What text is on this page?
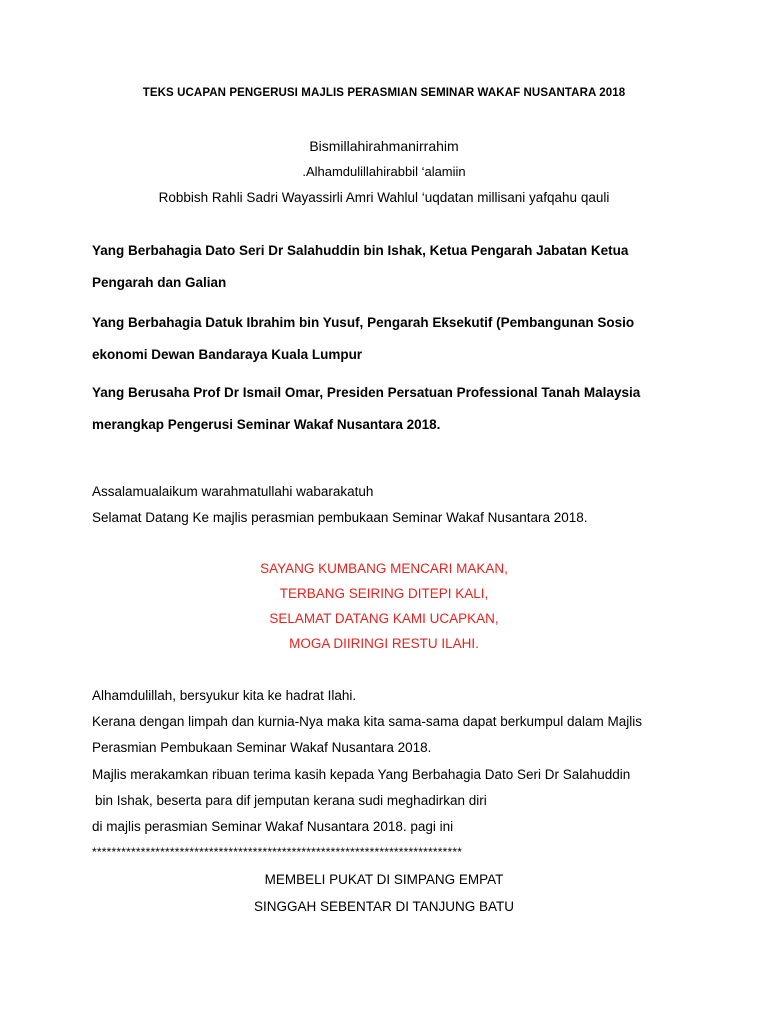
TEKS UCAPAN PENGERUSI MAJLIS PERASMIAN SEMINAR WAKAF NUSANTARA 2018
Bismillahirahmanirrahim
.Alhamdulillahirabbil ‘alamiin
Robbish Rahli Sadri Wayassirli Amri Wahlul ‘uqdatan millisani yafqahu qauli
Yang Berbahagia Dato Seri Dr Salahuddin bin Ishak, Ketua Pengarah Jabatan Ketua Pengarah dan Galian
Yang Berbahagia Datuk Ibrahim bin Yusuf, Pengarah Eksekutif (Pembangunan Sosio ekonomi Dewan Bandaraya Kuala Lumpur
Yang Berusaha Prof Dr Ismail Omar, Presiden Persatuan Professional Tanah Malaysia merangkap Pengerusi Seminar Wakaf Nusantara 2018.
Assalamualaikum warahmatullahi wabarakatuh
Selamat Datang Ke majlis perasmian pembukaan Seminar Wakaf Nusantara 2018.
SAYANG KUMBANG MENCARI MAKAN,
TERBANG SEIRING DITEPI KALI,
SELAMAT DATANG KAMI UCAPKAN,
MOGA DIIRINGI RESTU ILAHI.
Alhamdulillah, bersyukur kita ke hadrat Ilahi.
Kerana dengan limpah dan kurnia-Nya maka kita sama-sama dapat berkumpul dalam Majlis
Perasmian Pembukaan Seminar Wakaf Nusantara 2018.
Majlis merakamkan ribuan terima kasih kepada Yang Berbahagia Dato Seri Dr Salahuddin
bin Ishak, beserta para dif jemputan kerana sudi meghadirkan diri
di majlis perasmian Seminar Wakaf Nusantara 2018. pagi ini
****************************************************************************
MEMBELI PUKAT DI SIMPANG EMPAT
SINGGAH SEBENTAR DI TANJUNG BATU
